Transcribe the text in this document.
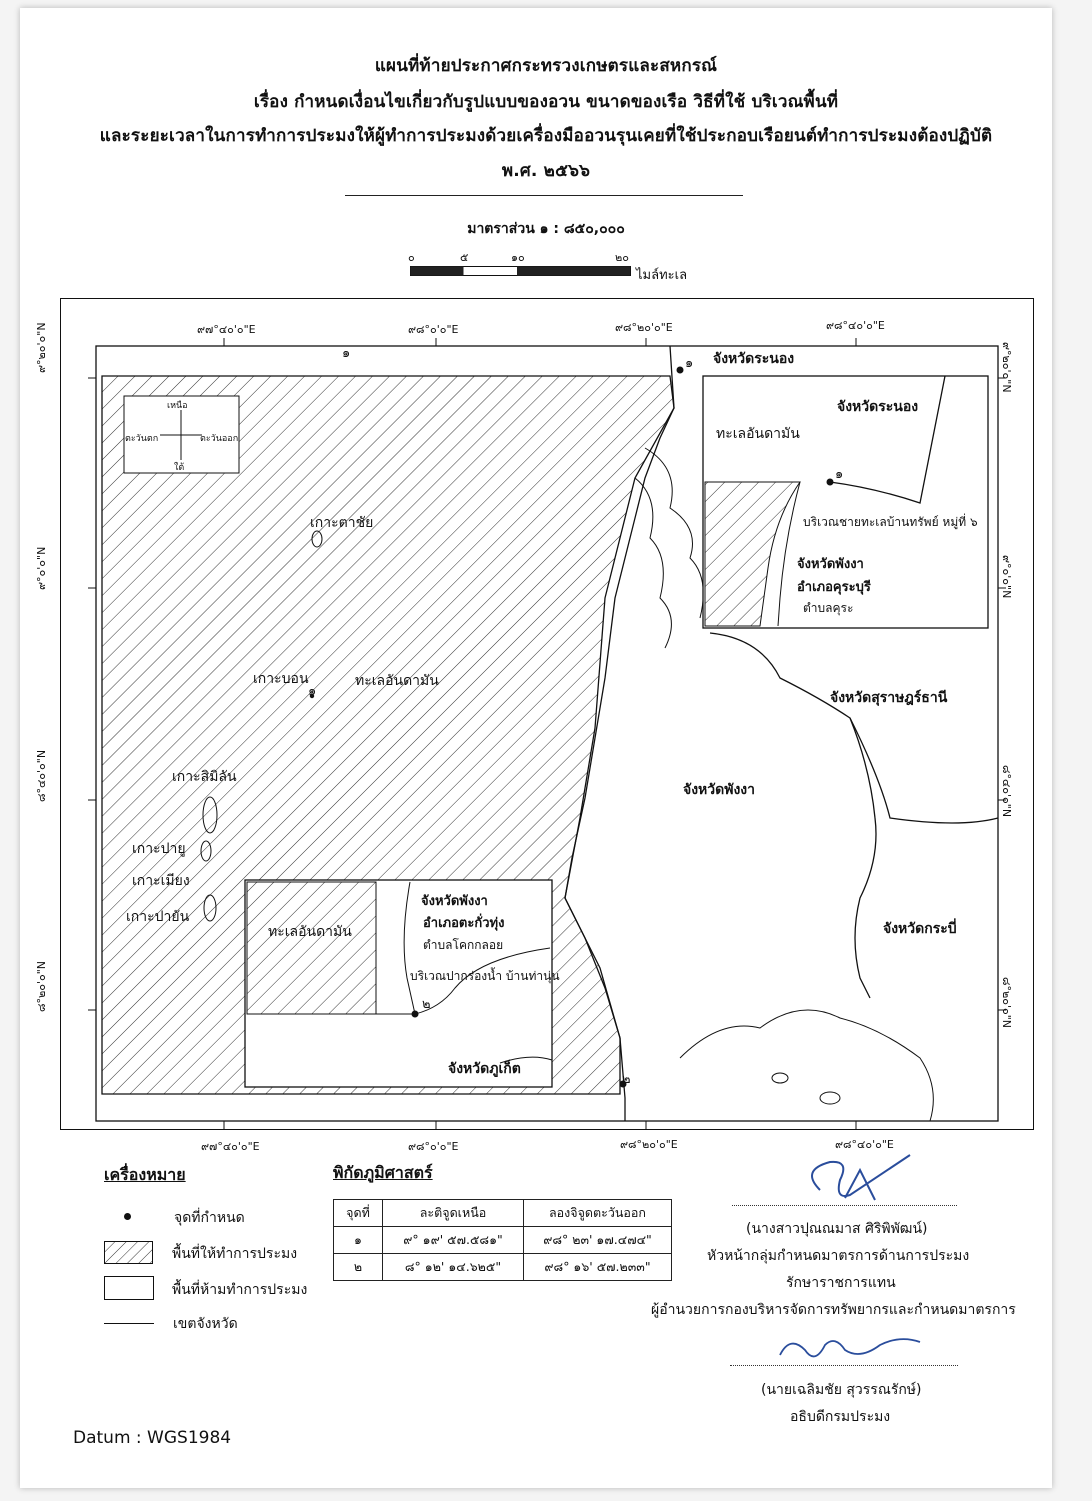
แผนที่ท้ายประกาศกระทรวงเกษตรและสหกรณ์
เรื่อง กำหนดเงื่อนไขเกี่ยวกับรูปแบบของอวน ขนาดของเรือ วิธีที่ใช้ บริเวณพื้นที่
และระยะเวลาในการทำการประมงให้ผู้ทำการประมงด้วยเครื่องมืออวนรุนเคยที่ใช้ประกอบเรือยนต์ทำการประมงต้องปฏิบัติ
พ.ศ. ๒๕๖๖
มาตราส่วน ๑ : ๘๕๐,๐๐๐
๐	๕	๑๐	๒๐
ไมล์ทะเล
๙๗°๔๐'๐"E	๙๘°๐'๐"E	๙๘°๒๐'๐"E	๙๘°๔๐'๐"E
๙๗°๔๐'๐"E	๙๘°๐'๐"E	๙๘°๒๐'๐"E	๙๘°๔๐'๐"E
๙°๒๐'๐"N
๙°๐'๐"N
๘°๔๐'๐"N
๘°๒๐'๐"N
๙°๒๐'๐"N
๙°๐'๐"N
๘°๔๐'๐"N
๘°๒๐'๐"N
เหนือ
ใต้
ตะวันตก	ตะวันออก
จังหวัดระนอง
๑
๑
เกาะตาชัย
เกาะบอน
๑
ทะเลอันดามัน
เกาะสิมิลัน
เกาะปายู
เกาะเมียง
เกาะปายัน
จังหวัดสุราษฎร์ธานี
จังหวัดพังงา
จังหวัดกระบี่
๒
จังหวัดระนอง
ทะเลอันดามัน
๑
บริเวณชายทะเลบ้านทรัพย์ หมู่ที่ ๖
จังหวัดพังงา
อำเภอคุระบุรี
ตำบลคุระ
ทะเลอันดามัน
จังหวัดพังงา
อำเภอตะกั่วทุ่ง
ตำบลโคกกลอย
บริเวณปากร่องน้ำ บ้านท่านุ่น
๒
จังหวัดภูเก็ต
เครื่องหมาย
จุดที่กำหนด
พื้นที่ให้ทำการประมง
พื้นที่ห้ามทำการประมง
เขตจังหวัด
พิกัดภูมิศาสตร์
จุดที่	ละติจูดเหนือ	ลองจิจูดตะวันออก
๑	๙° ๑๙' ๕๗.๕๘๑"	๙๘° ๒๓' ๑๗.๔๗๔"
๒	๘° ๑๒' ๑๔.๖๒๕"	๙๘° ๑๖' ๕๗.๒๓๓"
(นางสาวปุณณมาส ศิริพิพัฒน์)
หัวหน้ากลุ่มกำหนดมาตรการด้านการประมง
รักษาราชการแทน
ผู้อำนวยการกองบริหารจัดการทรัพยากรและกำหนดมาตรการ
(นายเฉลิมชัย สุวรรณรักษ์)
อธิบดีกรมประมง
Datum : WGS1984
